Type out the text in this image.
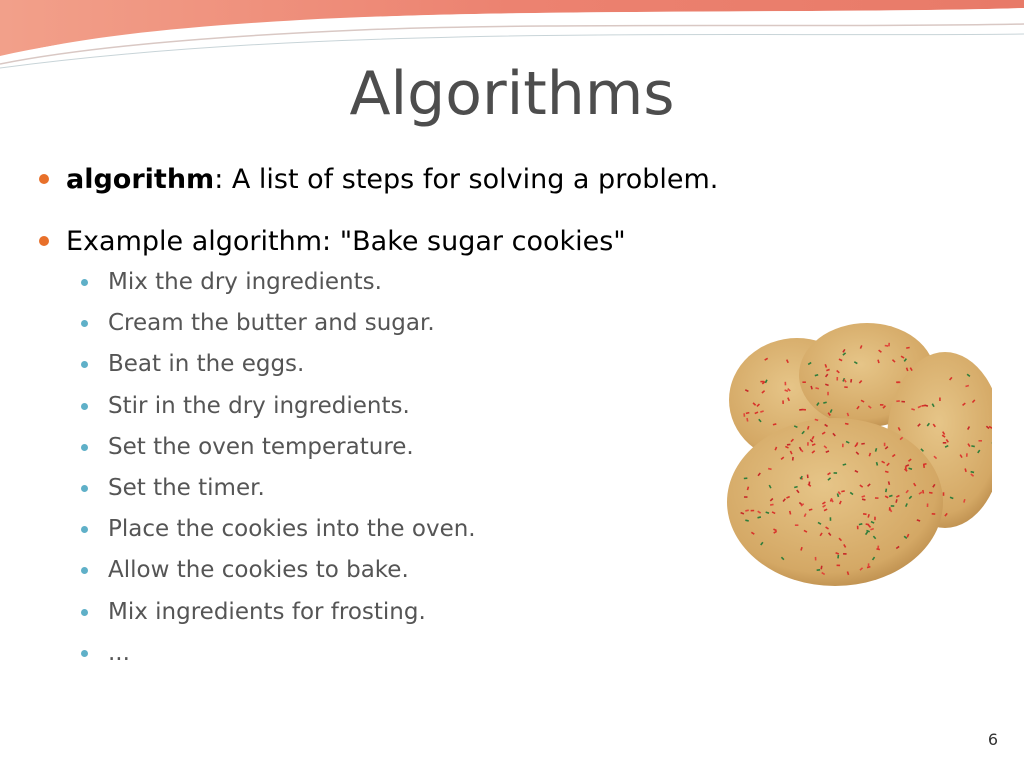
Algorithms
algorithm: A list of steps for solving a problem.
Example algorithm: "Bake sugar cookies"
Mix the dry ingredients.
Cream the butter and sugar.
Beat in the eggs.
Stir in the dry ingredients.
Set the oven temperature.
Set the timer.
Place the cookies into the oven.
Allow the cookies to bake.
Mix ingredients for frosting.
...
6
